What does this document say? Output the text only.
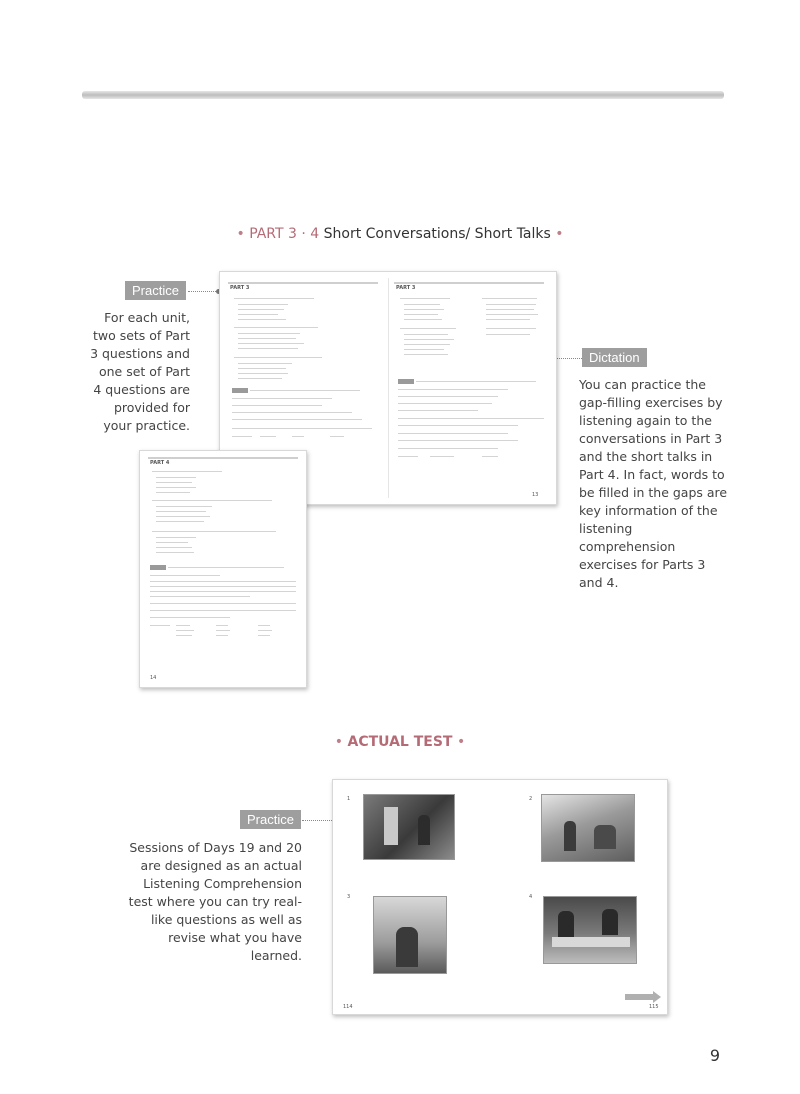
• PART 3 · 4 Short Conversations/ Short Talks •
Practice
For each unit, two sets of Part 3 questions and one set of Part 4 questions are provided for your practice.
Dictation
You can practice the gap-filling exercises by listening again to the conversations in Part 3 and the short talks in Part 4. In fact, words to be filled in the gaps are key information of the listening comprehension exercises for Parts 3 and 4.
PART 3	PART 3
13
PART 4
14
• ACTUAL TEST •
Practice
Sessions of Days 19 and 20 are designed as an actual Listening Comprehension test where you can try real-like questions as well as revise what you have learned.
1	2
3	4
114	115
9
